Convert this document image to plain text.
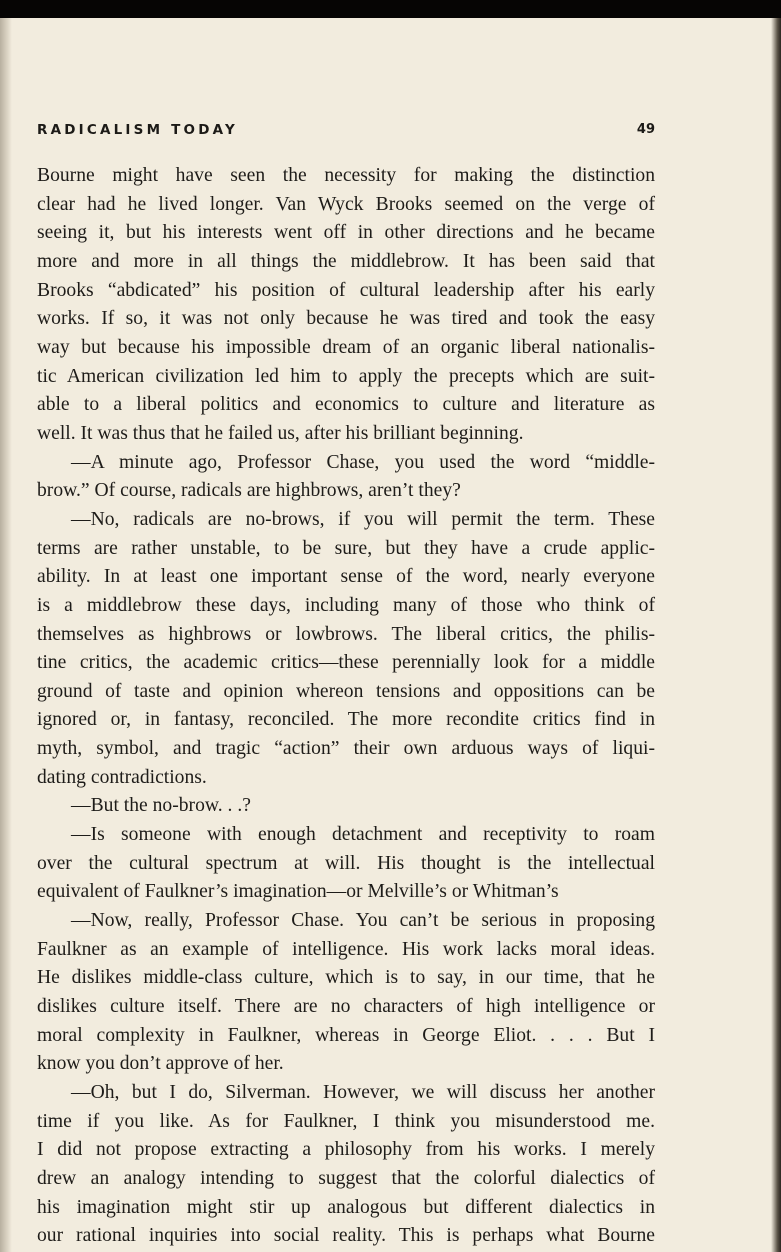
RADICALISM TODAY	49
Bourne might have seen the necessity for making the distinction
clear had he lived longer. Van Wyck Brooks seemed on the verge of
seeing it, but his interests went off in other directions and he became
more and more in all things the middlebrow. It has been said that
Brooks “abdicated” his position of cultural leadership after his early
works. If so, it was not only because he was tired and took the easy
way but because his impossible dream of an organic liberal nationalis-
tic American civilization led him to apply the precepts which are suit-
able to a liberal politics and economics to culture and literature as
well. It was thus that he failed us, after his brilliant beginning.
—A minute ago, Professor Chase, you used the word “middle-
brow.” Of course, radicals are highbrows, aren’t they?
—No, radicals are no-brows, if you will permit the term. These
terms are rather unstable, to be sure, but they have a crude applic-
ability. In at least one important sense of the word, nearly everyone
is a middlebrow these days, including many of those who think of
themselves as highbrows or lowbrows. The liberal critics, the philis-
tine critics, the academic critics—these perennially look for a middle
ground of taste and opinion whereon tensions and oppositions can be
ignored or, in fantasy, reconciled. The more recondite critics find in
myth, symbol, and tragic “action” their own arduous ways of liqui-
dating contradictions.
—But the no-brow. . .?
—Is someone with enough detachment and receptivity to roam
over the cultural spectrum at will. His thought is the intellectual
equivalent of Faulkner’s imagination—or Melville’s or Whitman’s
—Now, really, Professor Chase. You can’t be serious in proposing
Faulkner as an example of intelligence. His work lacks moral ideas.
He dislikes middle-class culture, which is to say, in our time, that he
dislikes culture itself. There are no characters of high intelligence or
moral complexity in Faulkner, whereas in George Eliot. . . . But I
know you don’t approve of her.
—Oh, but I do, Silverman. However, we will discuss her another
time if you like. As for Faulkner, I think you misunderstood me.
I did not propose extracting a philosophy from his works. I merely
drew an analogy intending to suggest that the colorful dialectics of
his imagination might stir up analogous but different dialectics in
our rational inquiries into social reality. This is perhaps what Bourne
